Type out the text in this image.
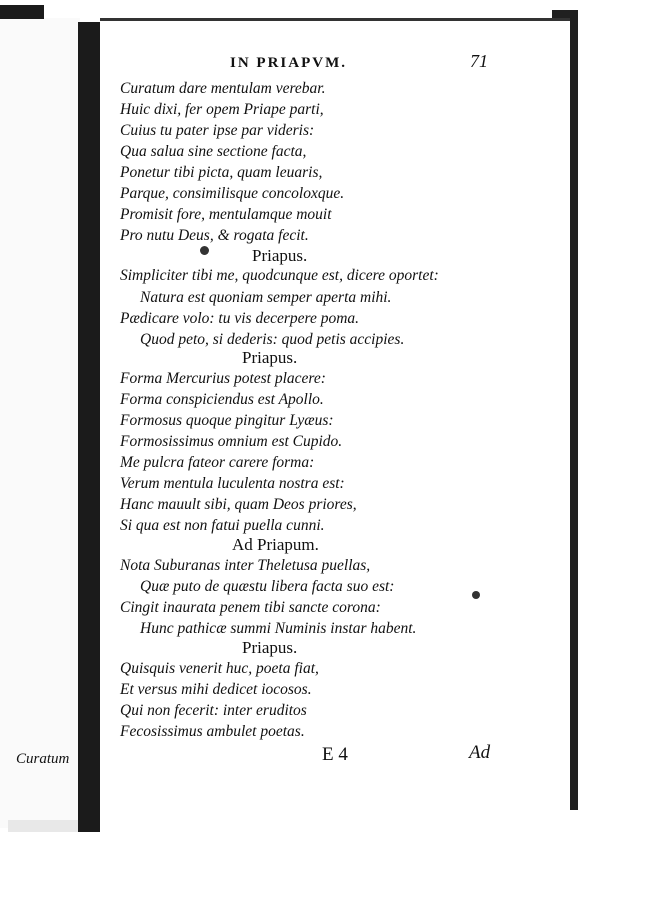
Curatum
IN PRIAPVM.	71
Curatum dare mentulam verebar.
Huic dixi, fer opem Priape parti,
Cuius tu pater ipse par videris:
Qua salua sine sectione facta,
Ponetur tibi picta, quam leuaris,
Parque, consimilisque concoloxque.
Promisit fore, mentulamque mouit
Pro nutu Deus, & rogata fecit.
Priapus.
Simpliciter tibi me, quodcunque est, dicere oportet:
Natura est quoniam semper aperta mihi.
Pædicare volo: tu vis decerpere poma.
Quod peto, si dederis: quod petis accipies.
Priapus.
Forma Mercurius potest placere:
Forma conspiciendus est Apollo.
Formosus quoque pingitur Lyæus:
Formosissimus omnium est Cupido.
Me pulcra fateor carere forma:
Verum mentula luculenta nostra est:
Hanc mauult sibi, quam Deos priores,
Si qua est non fatui puella cunni.
Ad Priapum.
Nota Suburanas inter Theletusa puellas,
Quæ puto de quæstu libera facta suo est:
Cingit inaurata penem tibi sancte corona:
Hunc pathicæ summi Numinis instar habent.
Priapus.
Quisquis venerit huc, poeta fiat,
Et versus mihi dedicet iocosos.
Qui non fecerit: inter eruditos
Fecosissimus ambulet poetas.
E 4	Ad
